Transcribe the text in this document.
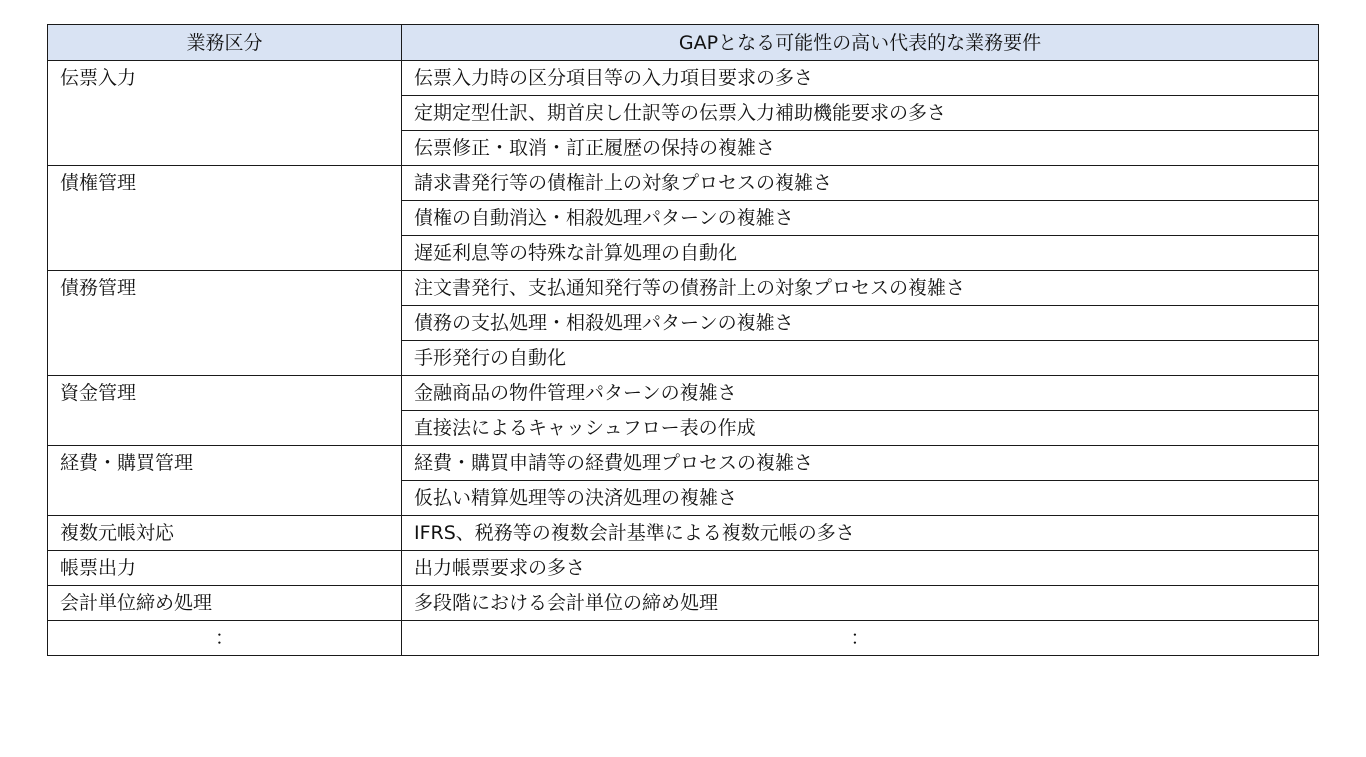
業務区分	GAPとなる可能性の高い代表的な業務要件
伝票入力	伝票入力時の区分項目等の入力項目要求の多さ
	定期定型仕訳、期首戻し仕訳等の伝票入力補助機能要求の多さ
	伝票修正・取消・訂正履歴の保持の複雑さ
債権管理	請求書発行等の債権計上の対象プロセスの複雑さ
	債権の自動消込・相殺処理パターンの複雑さ
	遅延利息等の特殊な計算処理の自動化
債務管理	注文書発行、支払通知発行等の債務計上の対象プロセスの複雑さ
	債務の支払処理・相殺処理パターンの複雑さ
	手形発行の自動化
資金管理	金融商品の物件管理パターンの複雑さ
	直接法によるキャッシュフロー表の作成
経費・購買管理	経費・購買申請等の経費処理プロセスの複雑さ
	仮払い精算処理等の決済処理の複雑さ
複数元帳対応	IFRS、税務等の複数会計基準による複数元帳の多さ
帳票出力	出力帳票要求の多さ
会計単位締め処理	多段階における会計単位の締め処理
：	：
